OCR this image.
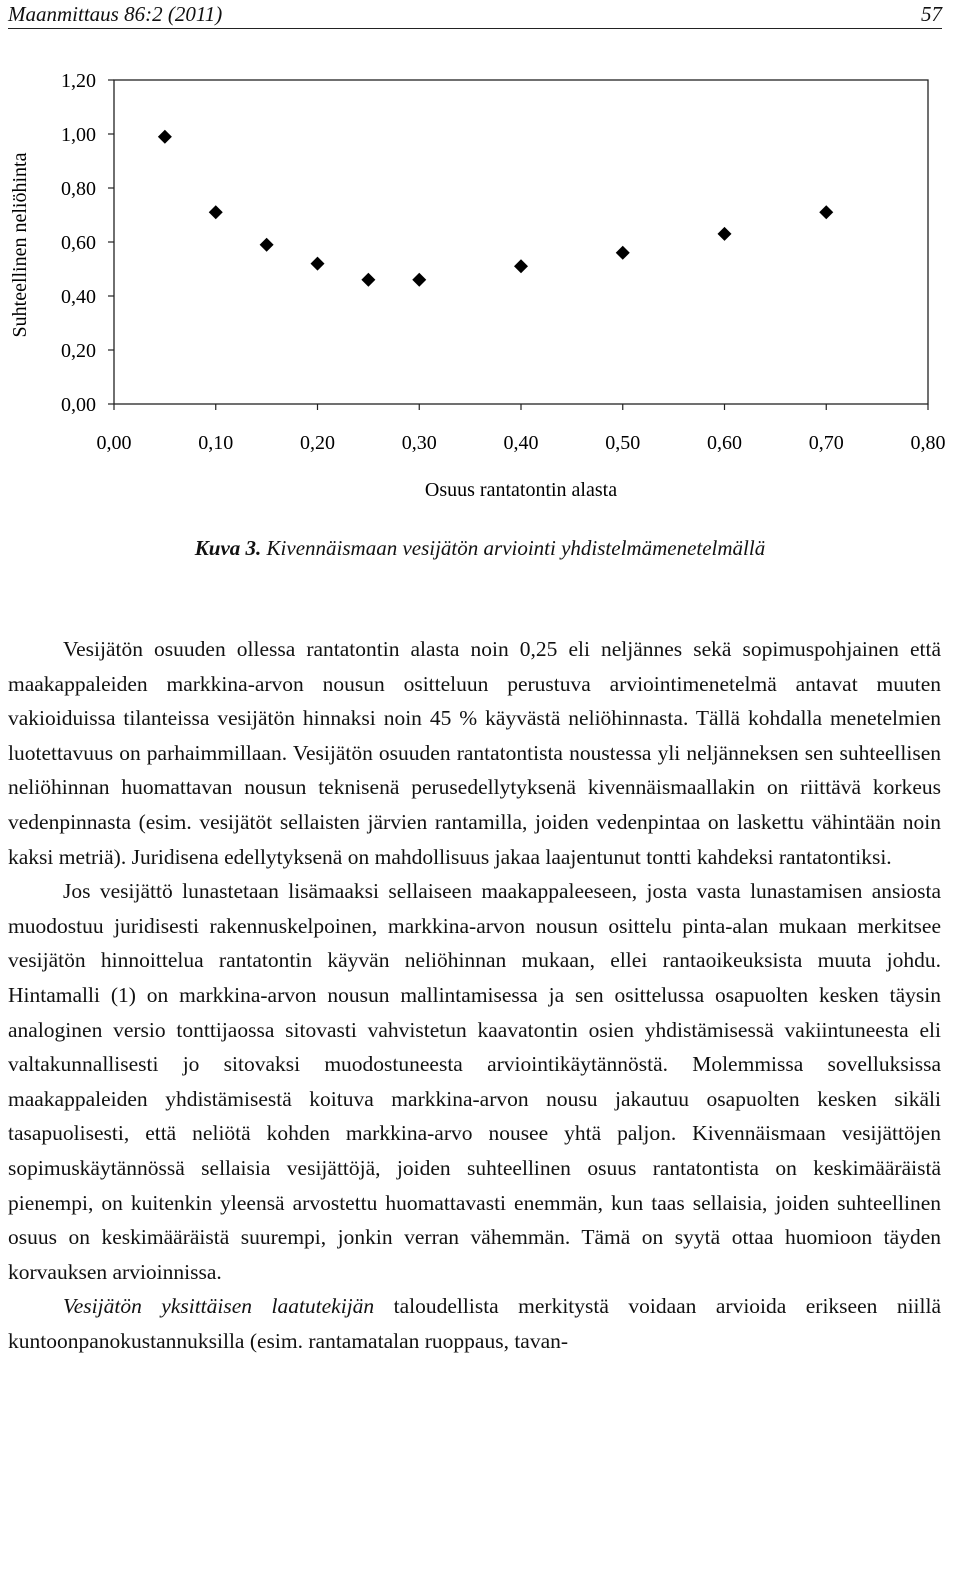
Maanmittaus 86:2 (2011)	57
0,00
0,20
0,40
0,60
0,80
1,00
1,20
0,00	0,10	0,20	0,30	0,40	0,50	0,60	0,70	0,80
Suhteellinen neliöhinta
Osuus rantatontin alasta
Kuva 3. Kivennäismaan vesijätön arviointi yhdistelmämenetelmällä

Vesijätön osuuden ollessa rantatontin alasta noin 0,25 eli neljännes sekä sopimuspohjainen että maakappaleiden markkina-arvon nousun ositteluun perustuva arviointimenetelmä antavat muuten vakioiduissa tilanteissa vesijätön hinnaksi noin 45 % käyvästä neliöhinnasta. Tällä kohdalla menetelmien luotettavuus on parhaimmillaan. Vesijätön osuuden rantatontista noustessa yli neljänneksen sen suhteellisen neliöhinnan huomattavan nousun teknisenä perusedellytyksenä kivennäismaallakin on riittävä korkeus vedenpinnasta (esim. vesijätöt sellaisten järvien rantamilla, joiden vedenpintaa on laskettu vähintään noin kaksi metriä). Juridisena edellytyksenä on mahdollisuus jakaa laajentunut tontti kahdeksi rantatontiksi.

Jos vesijättö lunastetaan lisämaaksi sellaiseen maakappaleeseen, josta vasta lunastamisen ansiosta muodostuu juridisesti rakennuskelpoinen, markkina-arvon nousun osittelu pinta-alan mukaan merkitsee vesijätön hinnoittelua rantatontin käyvän neliöhinnan mukaan, ellei rantaoikeuksista muuta johdu. Hintamalli (1) on markkina-arvon nousun mallintamisessa ja sen osittelussa osapuolten kesken täysin analoginen versio tonttijaossa sitovasti vahvistetun kaavatontin osien yhdistämisessä vakiintuneesta eli valtakunnallisesti jo sitovaksi muodostuneesta arviointikäytännöstä. Molemmissa sovelluksissa maakappaleiden yhdistämisestä koituva markkina-arvon nousu jakautuu osapuolten kesken sikäli tasapuolisesti, että neliötä kohden markkina-arvo nousee yhtä paljon. Kivennäismaan vesijättöjen sopimuskäytännössä sellaisia vesijättöjä, joiden suhteellinen osuus rantatontista on keskimääräistä pienempi, on kuitenkin yleensä arvostettu huomattavasti enemmän, kun taas sellaisia, joiden suhteellinen osuus on keskimääräistä suurempi, jonkin verran vähemmän. Tämä on syytä ottaa huomioon täyden korvauksen arvioinnissa.

Vesijätön yksittäisen laatutekijän taloudellista merkitystä voidaan arvioida erikseen niillä kuntoonpanokustannuksilla (esim. rantamatalan ruoppaus, tavan-
